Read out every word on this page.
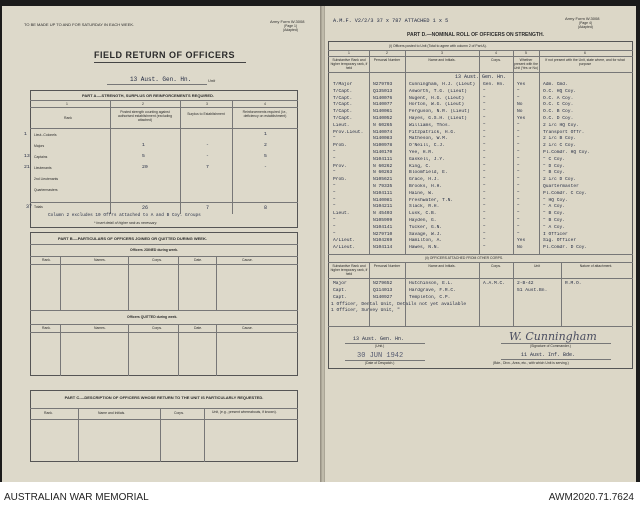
TO BE MADE UP TO AND FOR SATURDAY IN EACH WEEK.
Army Form W.3008
(Page 1)
(Adapted)
FIELD RETURN OF OFFICERS
13 Aust. Gen. Hn.	Unit
PART A.—STRENGTH, SURPLUS OR REINFORCEMENTS REQUIRED.
1	2	3	4
Rank
Posted strength counting against authorised establishment (excluding attached)
Surplus to Establishment	Reinforcements required (i.e., deficiency on establishment)
37 Totals	26	7	8
Column 2 excludes 10 Offrs attached to A and B Coy. Groups
* Insert detail of higher rank as necessary.
PART B.—PARTICULARS OF OFFICERS JOINED OR QUITTED DURING WEEK.
Officers JOINED during week.
Officers QUITTED during week.
PART C.—DESCRIPTION OF OFFICERS WHOSE RETURN TO THE UNIT IS PARTICULARLY REQUESTED.
Rank.	Name and Initials.	Corps.	Unit, (e.g., present whereabouts, if known).
1 Lieut.-Colonels	1
Majors	1	-	2
13 Captains	5	-	5
21 Lieutenants	20	7	-
2nd Lieutenants
Quartermasters
Rank.	Names.	Corps.	Date.	Cause.
Rank.	Names.	Corps.	Date.	Cause.
A.M.F. V2/2/3 37 x 787 ATTACHED 1 x 5	Army Form W.3008
(Page 4)
(Adapted)
PART D.—NOMINAL ROLL OF OFFICERS ON STRENGTH.
(i) Officers posted to Unit (Total to agree with column 2 of Part A).
13 Aust. Gen. Hn.
(ii) OFFICERS ATTACHED FROM OTHER CORPS.
1 Officer, Dental Unit, Details not yet available
1 Officer, Survey Unit, "
13 Aust. Gen. Hn.
(Unit.)
W. Cunningham
(Signature of Commander.)
30 JUN 1942
(Date of Despatch.)
11 Aust. Inf. Bde.
(Bde., Divn., Area, etc., with which Unit is serving.)
1	2	3	4	5	6
Substantive Rank and higher temporary rank, if held
Personal Number	Name and Initials.	Corps.	Whether present with the Unit (Yes or No)
If not present with the Unit, state where, and for what purpose
T/Major	N279793	Cunningham, H.J. (Lieut)	Gen. Hn.	Yes	Adm. Cmd.
T/Capt.	Q135013	Asworth, T.G. (Lieut)	"	"	O.C. HQ Coy.
T/Capt.	N140076	Nugent, H.G. (Lieut)	"	"	O.C. A Coy.
T/Capt.	N140077	Horton, W.G. (Lieut)	"	No	O.C. C Coy.
T/Capt.	N140061	Ferguson, N.R. (Lieut)	"	No	O.C. B Coy.
T/Capt.	N140052	Hayes, G.S.H. (Lieut)	"	Yes	O.C. D Coy.
Lieut.	N 60265	Williams, Thos.	"	"	2 i/c HQ Coy.
Prov.Lieut.	N140074	Fitzpatrick, H.G.	"	"	Transport Offr.
"	N140083	Matheson, W.M.	"	"	2 i/c B Coy.
Prob.	N100978	O'Neill, C.J.	"	"	2 i/c C Coy.
"	N140170	Yee, H.R.	"	"	Pl.Comdr. HQ Coy.
"	N104111	Gaskell, J.Y.	"	"	" C Coy.
Prov.	N 60262	King, C.	"	"	" D Coy.
"	N 60263	Bloomfield, E.	"	"	" B Coy.
Prob.	N105621	Grace, H.J.	"	"	2 i/c D Coy.
"	N 79335	Brooks, H.H.	"	"	Quartermaster
"	N104111	Haine, W.	"	"	Pl.Comdr. C Coy.
"	N140081	Freshwater, T.N.	"	"	" HQ Coy.
"	N104211	Slack, R.H.	"	"	" A Coy.
Lieut.	N 45403	Lusk, C.B.	"	"	" B Coy.
"	N105999	Hayden, G.	"	"	" B Coy.
"	N104141	Tucker, G.N.	"	"	" A Coy.
"	N279710	Savage, W.J.	"	"	I Officer
A/Lieut.	N104269	Hamilton, A.	"	Yes	Sig. Officer
A/Lieut.	N104114	Hawes, N.N.	"	No	Pl.Comdr. D Coy.
Substantive Rank and higher temporary rank, if held
Personal Number	Name and Initials.	Corps.	Unit	Nature of attachment.
Major	N279652	Hutchinson, E.L.	A.A.M.C.	2-B-42	R.M.O.
Capt.	Q114013	Hardgrave, F.R.C.	51 Aust.Bn.
Capt.	N140927	Templeton, C.P.
AUSTRALIAN WAR MEMORIAL	AWM2020.71.7624
